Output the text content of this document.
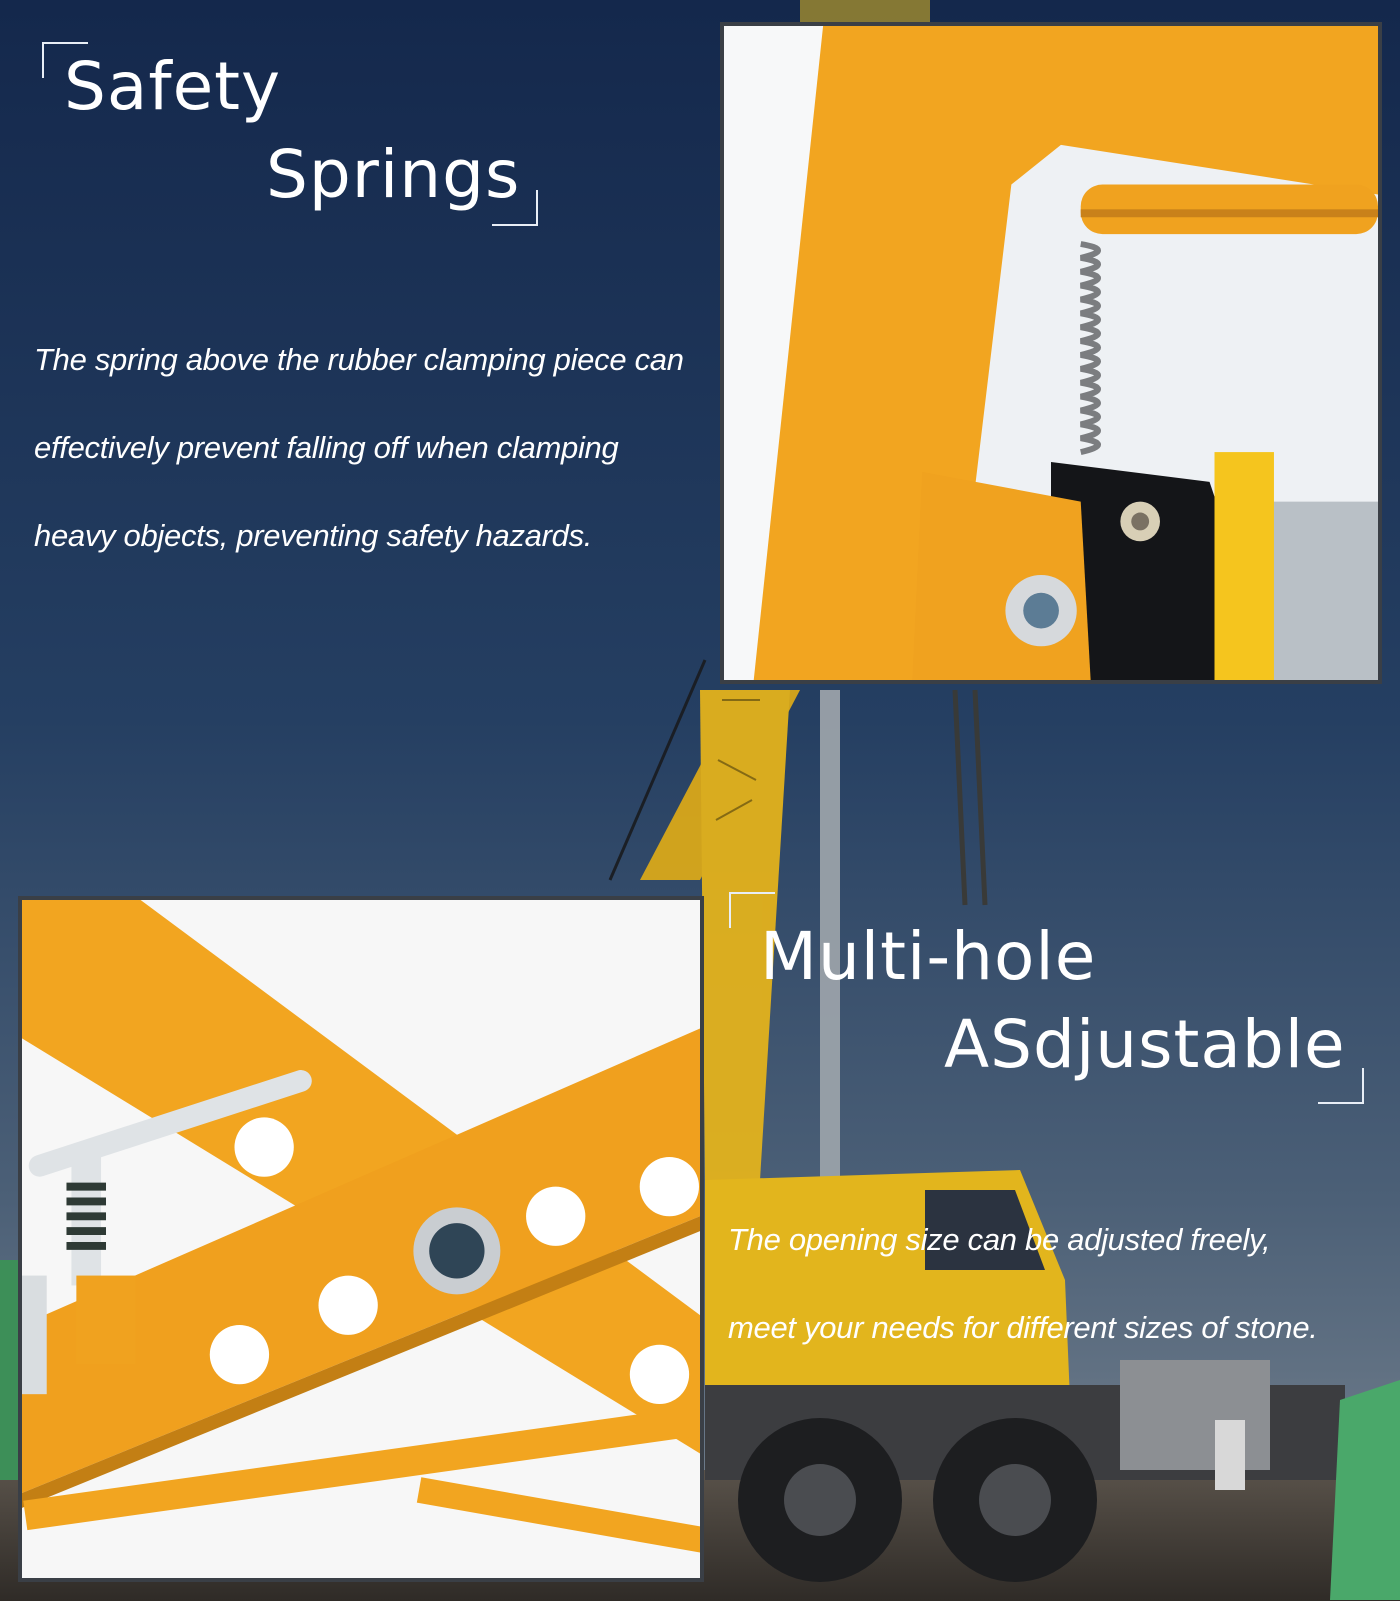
Safety
Springs
The spring above the rubber clamping piece can effectively prevent falling off when clamping heavy objects, preventing safety hazards.
Multi-hole
ASdjustable
The opening size can be adjusted freely,
meet your needs for different sizes of stone.
